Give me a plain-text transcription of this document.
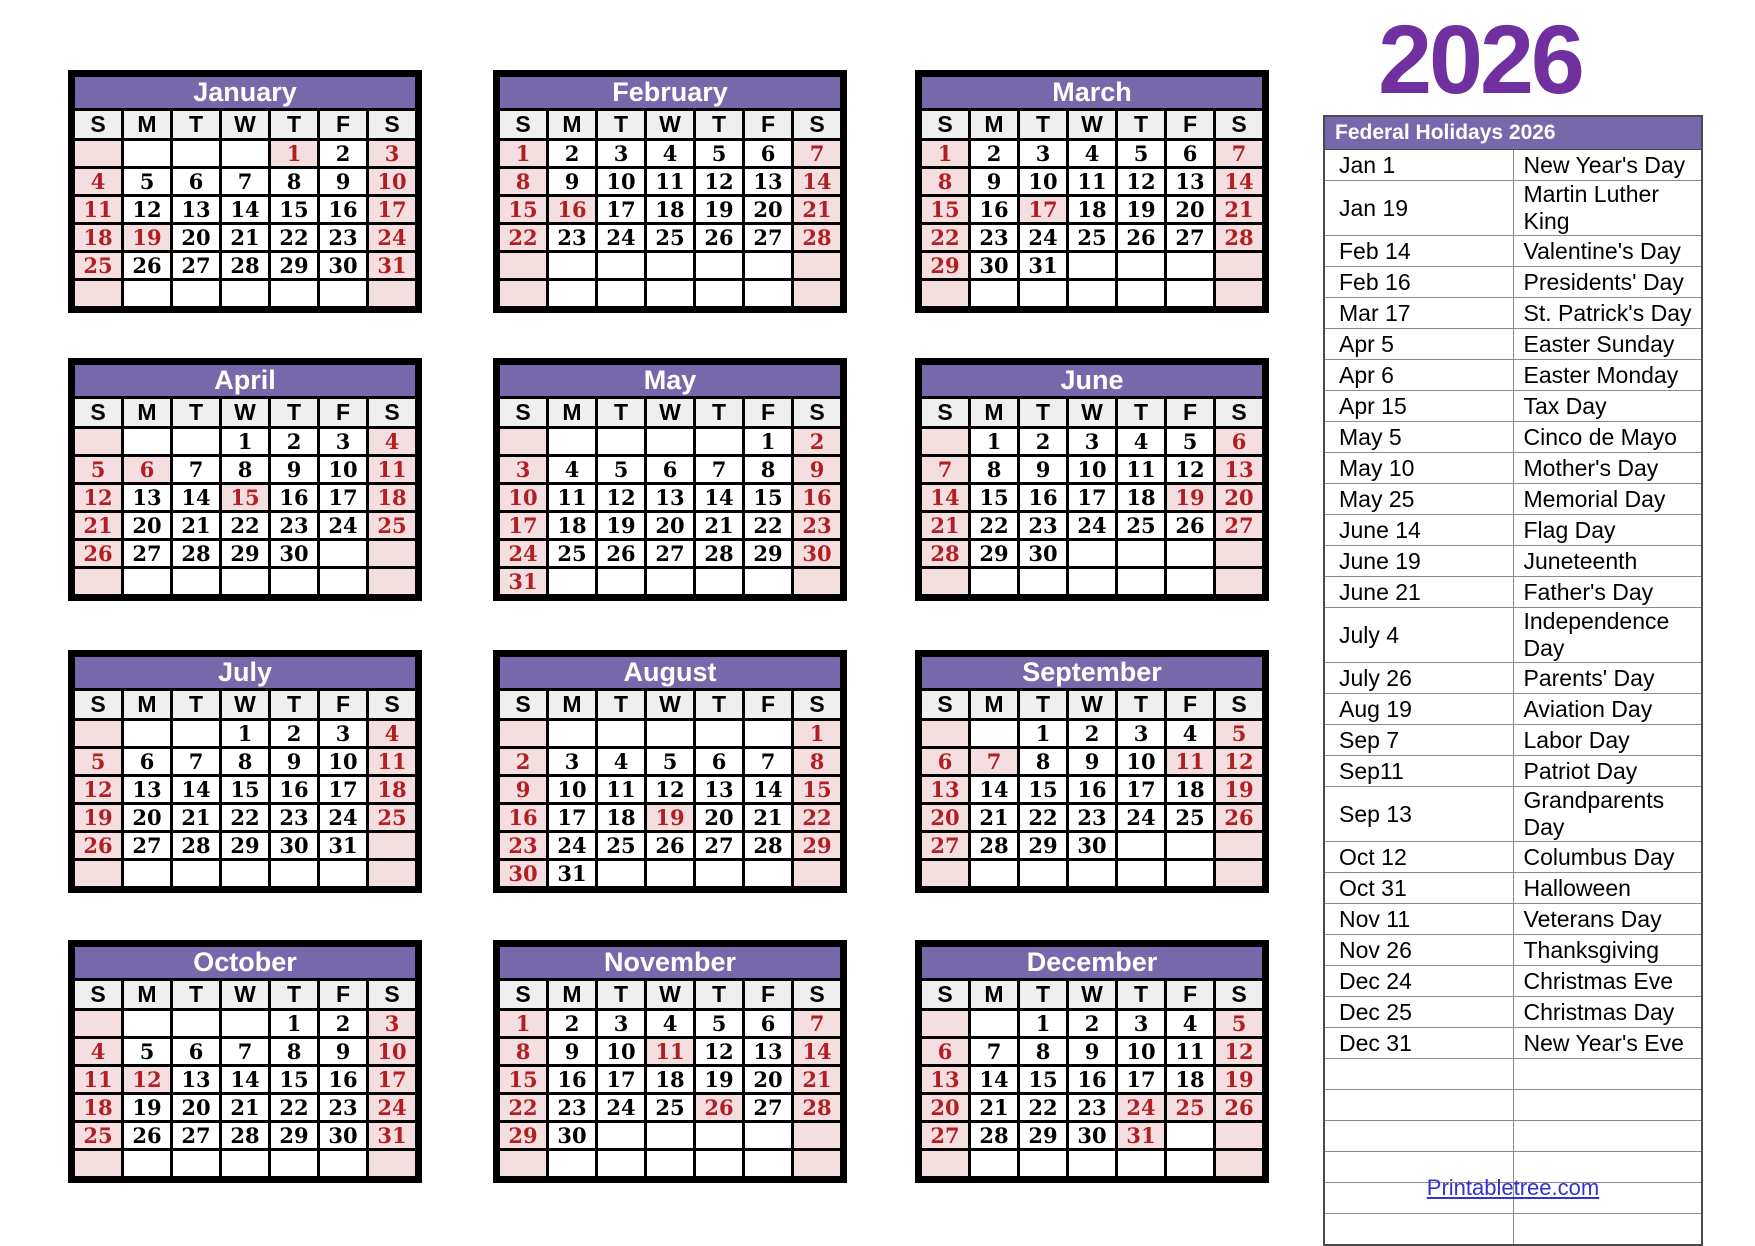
2026
January						
S	M	T	W	T	F	S
				1	2	3
4	5	6	7	8	9	10
11	12	13	14	15	16	17
18	19	20	21	22	23	24
25	26	27	28	29	30	31

February						
S	M	T	W	T	F	S
1	2	3	4	5	6	7
8	9	10	11	12	13	14
15	16	17	18	19	20	21
22	23	24	25	26	27	28

March						
S	M	T	W	T	F	S
1	2	3	4	5	6	7
8	9	10	11	12	13	14
15	16	17	18	19	20	21
22	23	24	25	26	27	28
29	30	31				

April						
S	M	T	W	T	F	S
			1	2	3	4
5	6	7	8	9	10	11
12	13	14	15	16	17	18
21	20	21	22	23	24	25
26	27	28	29	30		

May						
S	M	T	W	T	F	S
					1	2
3	4	5	6	7	8	9
10	11	12	13	14	15	16
17	18	19	20	21	22	23
24	25	26	27	28	29	30
31						
June						
S	M	T	W	T	F	S
	1	2	3	4	5	6
7	8	9	10	11	12	13
14	15	16	17	18	19	20
21	22	23	24	25	26	27
28	29	30				

July						
S	M	T	W	T	F	S
			1	2	3	4
5	6	7	8	9	10	11
12	13	14	15	16	17	18
19	20	21	22	23	24	25
26	27	28	29	30	31	

August						
S	M	T	W	T	F	S
						1
2	3	4	5	6	7	8
9	10	11	12	13	14	15
16	17	18	19	20	21	22
23	24	25	26	27	28	29
30	31					
September						
S	M	T	W	T	F	S
		1	2	3	4	5
6	7	8	9	10	11	12
13	14	15	16	17	18	19
20	21	22	23	24	25	26
27	28	29	30			

October						
S	M	T	W	T	F	S
				1	2	3
4	5	6	7	8	9	10
11	12	13	14	15	16	17
18	19	20	21	22	23	24
25	26	27	28	29	30	31

November						
S	M	T	W	T	F	S
1	2	3	4	5	6	7
8	9	10	11	12	13	14
15	16	17	18	19	20	21
22	23	24	25	26	27	28
29	30					

December						
S	M	T	W	T	F	S
		1	2	3	4	5
6	7	8	9	10	11	12
13	14	15	16	17	18	19
20	21	22	23	24	25	26
27	28	29	30	31		

Federal Holidays 2026	
Jan 1	New Year's Day
Jan 19	Martin Luther King
Feb 14	Valentine's Day
Feb 16	Presidents' Day
Mar 17	St. Patrick's Day
Apr 5	Easter Sunday
Apr 6	Easter Monday
Apr 15	Tax Day
May 5	Cinco de Mayo
May 10	Mother's Day
May 25	Memorial Day
June 14	Flag Day
June 19	Juneteenth
June 21	Father's Day
July 4	Independence Day
July 26	Parents' Day
Aug 19	Aviation Day
Sep 7	Labor Day
Sep11	Patriot Day
Sep 13	Grandparents Day
Oct 12	Columbus Day
Oct 31	Halloween
Nov 11	Veterans Day
Nov 26	Thanksgiving
Dec 24	Christmas Eve
Dec 25	Christmas Day
Dec 31	New Year's Eve

Printabletree.com
